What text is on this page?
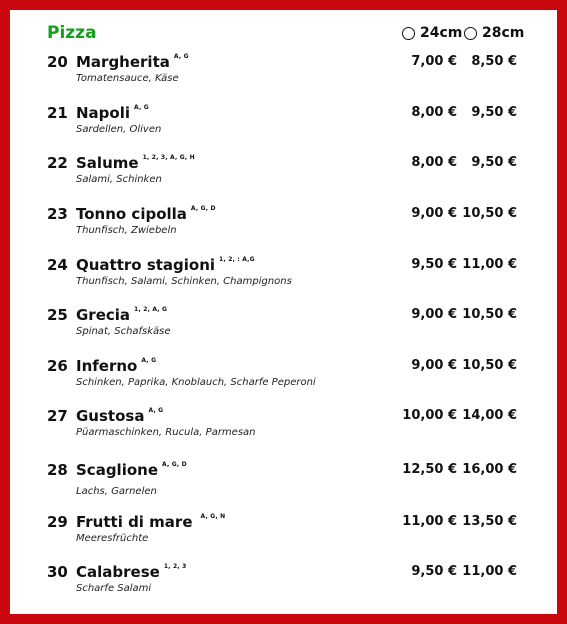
Pizza	24cm 28cm
20 Margherita $^{A, G}$
Tomatensauce, Käse
7,00 €	8,50 €
21 Napoli $^{A, G}$
Sardellen, Oliven
8,00 €	9,50 €
22 Salume $^{1, 2, 3, A, G, H}$
Salami, Schinken
8,00 €	9,50 €
23 Tonno cipolla $^{A, G, D}$
Thunfisch, Zwiebeln
9,00 € 10,50 €
24 Quattro stagioni $^{1, 2, : A,G}$
Thunfisch, Salami, Schinken, Champignons
9,50 € 11,00 €
25 Grecia $^{1, 2, A, G}$
Spinat, Schafskäse
9,00 € 10,50 €
26 Inferno $^{A, G}$
Schinken, Paprika, Knoblauch, Scharfe Peperoni
9,00 € 10,50 €
27 Gustosa $^{A, G}$
Püarmaschinken, Rucula, Parmesan
10,00 € 14,00 €
28 Scaglione $^{A, G, D}$
Lachs, Garnelen
12,50 € 16,00 €
29 Frutti di mare $^{A, G, N}$
Meeresfrüchte
11,00 € 13,50 €
30 Calabrese $^{1, 2, 3}$
Scharfe Salami
9,50 € 11,00 €
